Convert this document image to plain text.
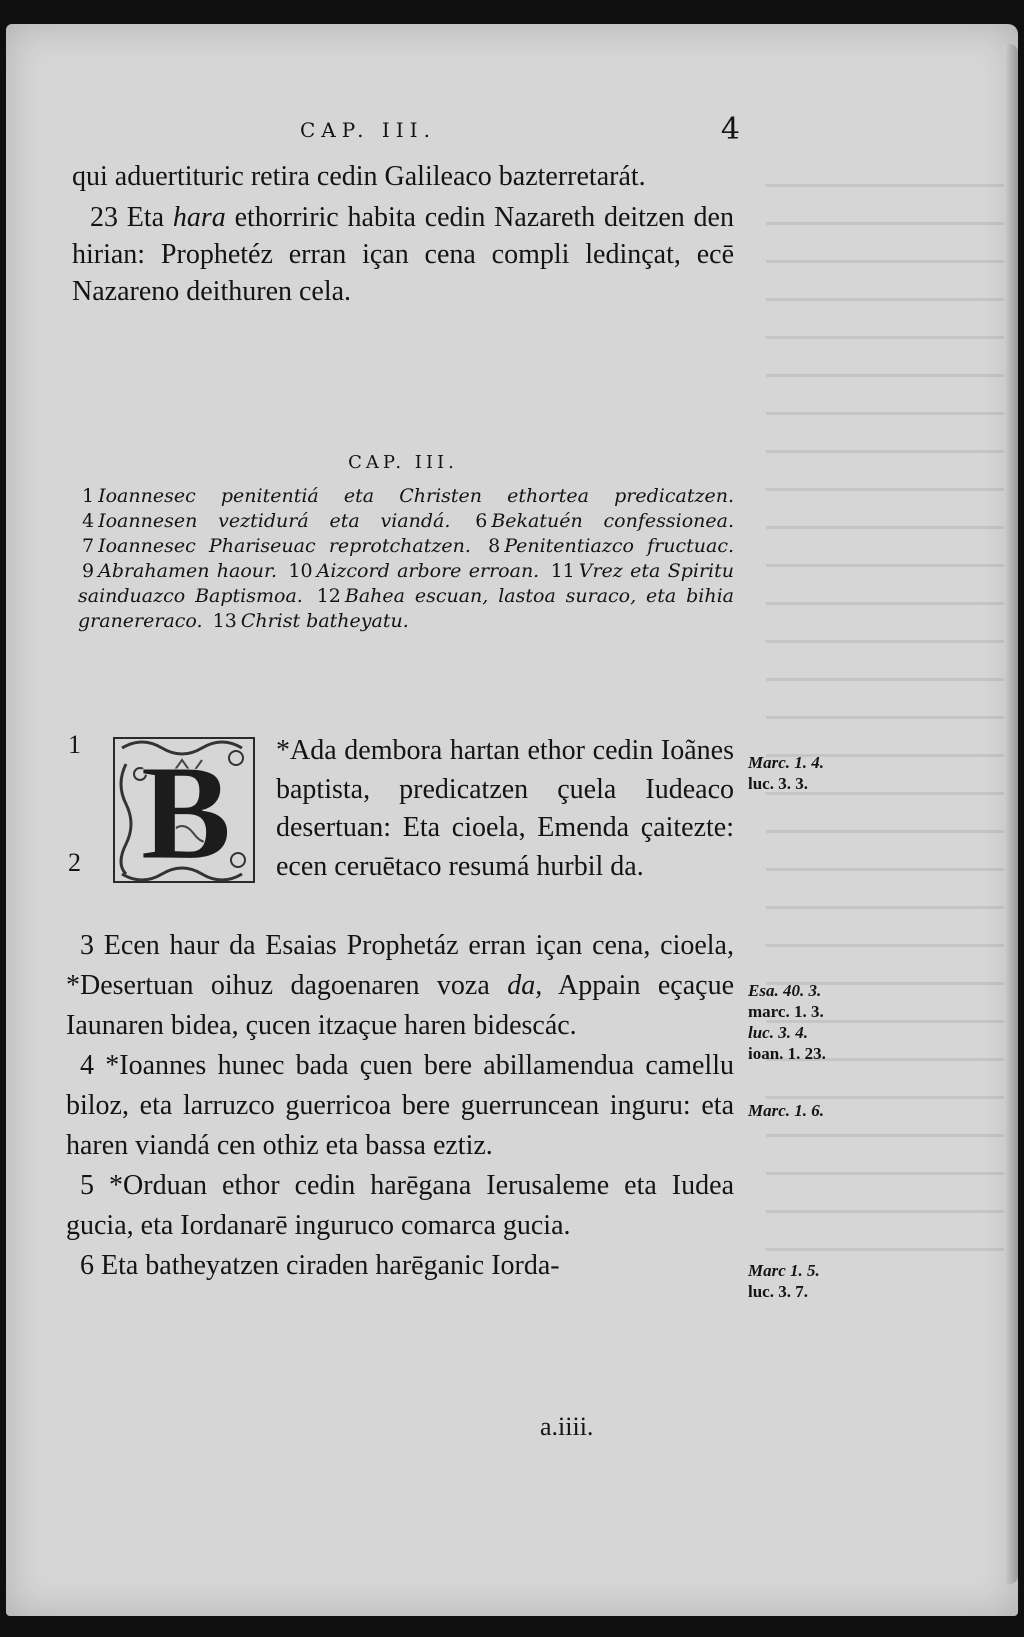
CAP. III.	4

qui aduertituric retira cedin Galileaco bazterretarát.

23 Eta hara ethorriric habita cedin Nazareth deitzen den hirian: Prophetéz erran içan cena compli ledinçat, ecē Nazareno deithuren cela.

CAP. III.
1 Ioannesec penitentiá eta Christen ethortea predicatzen. 4 Ioannesen veztidurá eta viandá. 6 Bekatuén confessionea. 7 Ioannesec Phariseuac reprotchatzen. 8 Penitentiazco fructuac. 9 Abrahamen haour. 10 Aizcord arbore erroan. 11 Vrez eta Spiritu sainduazco Baptismoa. 12 Bahea escuan, lastoa suraco, eta bihia granereraco. 13 Christ batheyatu.
1
2 B *Ada dembora hartan ethor cedin Ioãnes baptista, predicatzen çuela Iudeaco desertuan: Eta cioela, Emenda çaitezte: ecen ceruētaco resumá hurbil da.

3 Ecen haur da Esaias Prophetáz erran içan cena, cioela, *Desertuan oihuz dagoenaren voza da, Appain eçaçue Iaunaren bidea, çucen itzaçue haren bidescác.

4 *Ioannes hunec bada çuen bere abillamendua camellu biloz, eta larruzco guerricoa bere guerruncean inguru: eta haren viandá cen othiz eta bassa eztiz.

5 *Orduan ethor cedin harēgana Ierusaleme eta Iudea gucia, eta Iordanarē inguruco comarca gucia.

6 Eta batheyatzen ciraden harēganic Iorda-

Marc. 1. 4.
luc. 3. 3.
Esa. 40. 3.
marc. 1. 3.
luc. 3. 4.
ioan. 1. 23.
Marc. 1. 6.
Marc 1. 5.
luc. 3. 7.
a.iiii.
